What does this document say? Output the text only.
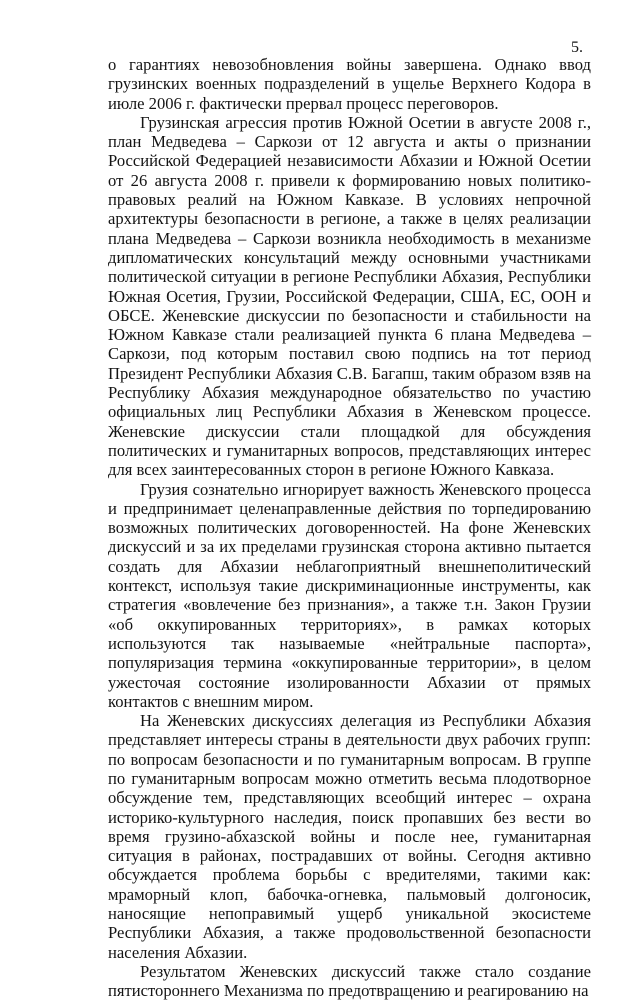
5.

о гарантиях невозобновления войны завершена. Однако ввод грузинских военных подразделений в ущелье Верхнего Кодора в июле 2006 г. фактически прервал процесс переговоров.

Грузинская агрессия против Южной Осетии в августе 2008 г., план Медведева – Саркози от 12 августа и акты о признании Российской Федерацией независимости Абхазии и Южной Осетии от 26 августа 2008 г. привели к формированию новых политико-правовых реалий на Южном Кавказе. В условиях непрочной архитектуры безопасности в регионе, а также в целях реализации плана Медведева – Саркози возникла необходимость в механизме дипломатических консультаций между основными участниками политической ситуации в регионе Республики Абхазия, Республики Южная Осетия, Грузии, Российской Федерации, США, ЕС, ООН и ОБСЕ. Женевские дискуссии по безопасности и стабильности на Южном Кавказе стали реализацией пункта 6 плана Медведева – Саркози, под которым поставил свою подпись на тот период Президент Республики Абхазия С.В. Багапш, таким образом взяв на Республику Абхазия международное обязательство по участию официальных лиц Республики Абхазия в Женевском процессе. Женевские дискуссии стали площадкой для обсуждения политических и гуманитарных вопросов, представляющих интерес для всех заинтересованных сторон в регионе Южного Кавказа.

Грузия сознательно игнорирует важность Женевского процесса и предпринимает целенаправленные действия по торпедированию возможных политических договоренностей. На фоне Женевских дискуссий и за их пределами грузинская сторона активно пытается создать для Абхазии неблагоприятный внешнеполитический контекст, используя такие дискриминационные инструменты, как стратегия «вовлечение без признания», а также т.н. Закон Грузии «об оккупированных территориях», в рамках которых используются так называемые «нейтральные паспорта», популяризация термина «оккупированные территории», в целом ужесточая состояние изолированности Абхазии от прямых контактов с внешним миром.

На Женевских дискуссиях делегация из Республики Абхазия представляет интересы страны в деятельности двух рабочих групп: по вопросам безопасности и по гуманитарным вопросам. В группе по гуманитарным вопросам можно отметить весьма плодотворное обсуждение тем, представляющих всеобщий интерес – охрана историко-культурного наследия, поиск пропавших без вести во время грузино-абхазской войны и после нее, гуманитарная ситуация в районах, пострадавших от войны. Сегодня активно обсуждается проблема борьбы с вредителями, такими как: мраморный клоп, бабочка-огневка, пальмовый долгоносик, наносящие непоправимый ущерб уникальной экосистеме Республики Абхазия, а также продовольственной безопасности населения Абхазии.

Результатом Женевских дискуссий также стало создание пятистороннего Механизма по предотвращению и реагированию на
